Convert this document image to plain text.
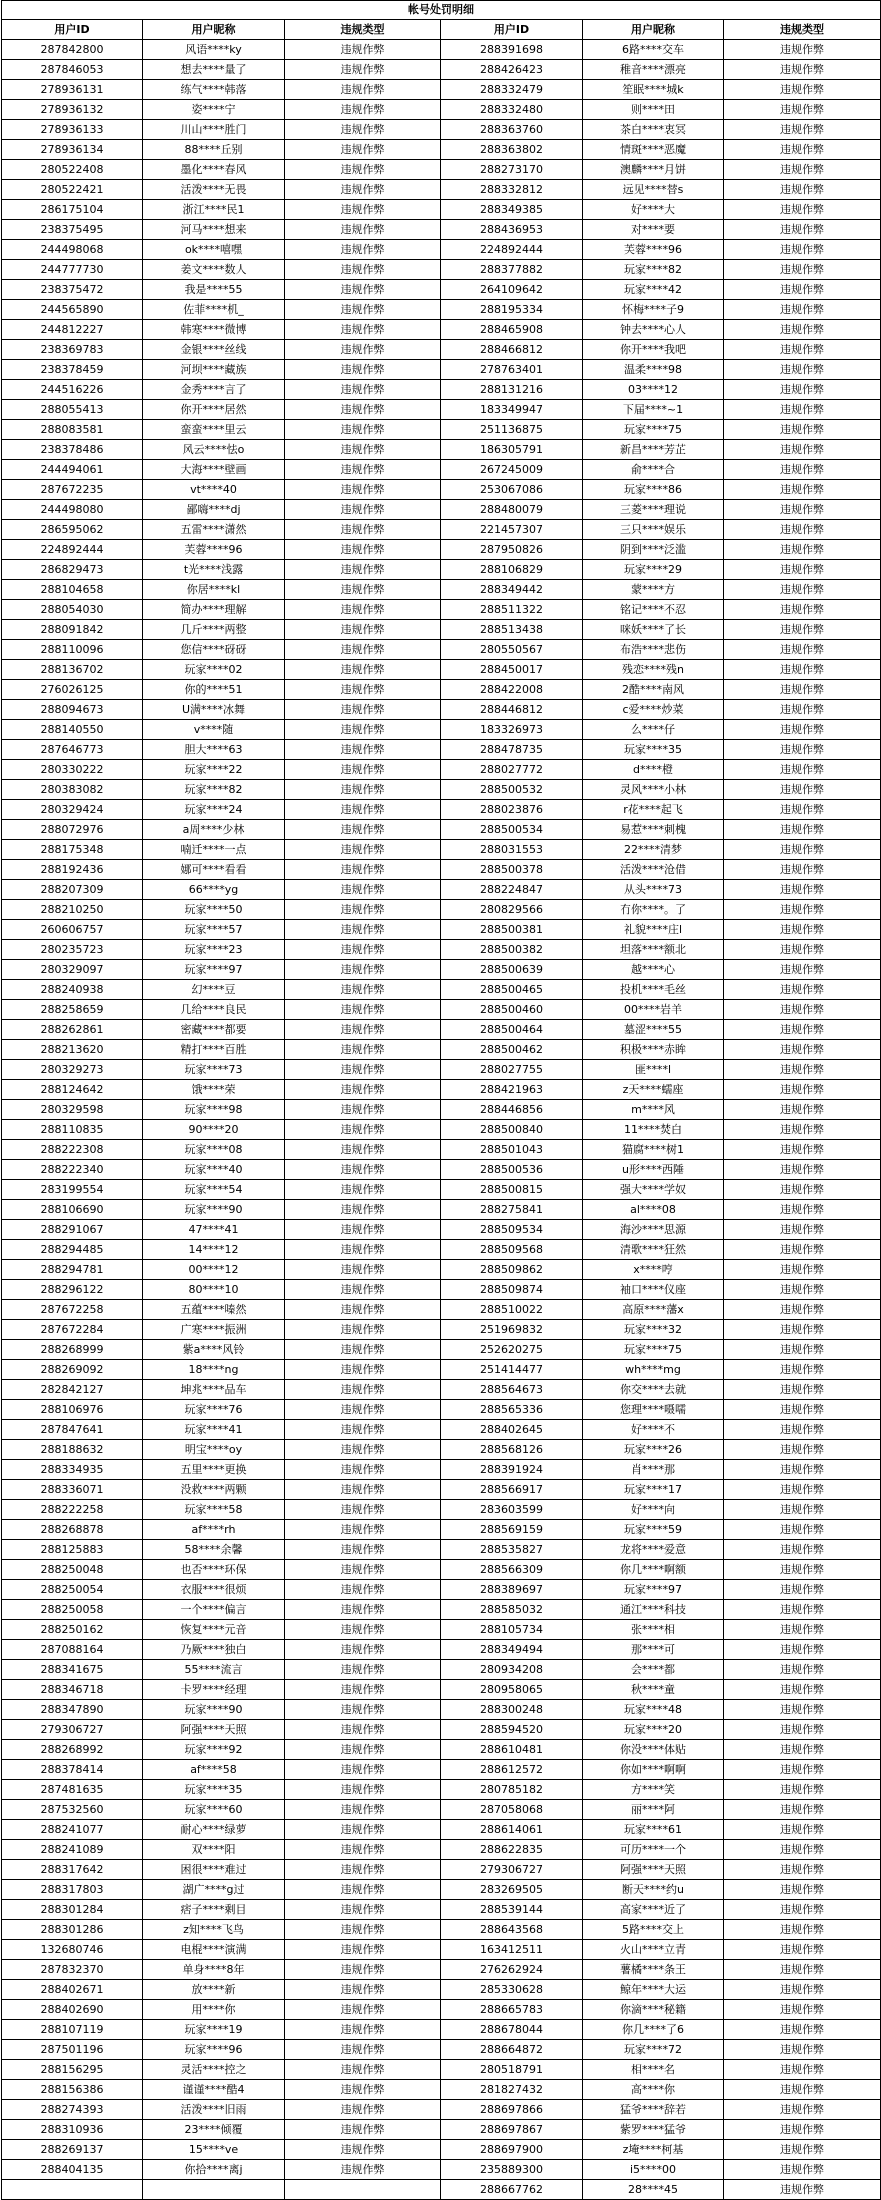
帐号处罚明细					
用户ID	用户昵称	违规类型	用户ID	用户昵称	违规类型
287842800	风语****ky	违规作弊	288391698	6路****交车	违规作弊
287846053	想去****量了	违规作弊	288426423	稚音****漂亮	违规作弊
278936131	练气****韩落	违规作弊	288332479	笙眠****城k	违规作弊
278936132	姿****宁	违规作弊	288332480	则****田	违规作弊
278936133	川山****胜门	违规作弊	288363760	茶白****衷冥	违规作弊
278936134	88****丘别	违规作弊	288363802	情斑****恶魔	违规作弊
280522408	墨化****春风	违规作弊	288273170	澳麟****月饼	违规作弊
280522421	活泼****无畏	违规作弊	288332812	远见****替s	违规作弊
286175104	浙江****民1	违规作弊	288349385	好****大	违规作弊
238375495	河马****想来	违规作弊	288436953	对****要	违规作弊
244498068	ok****嘻嘿	违规作弊	224892444	芙蓉****96	违规作弊
244777730	姜文****数人	违规作弊	288377882	玩家****82	违规作弊
238375472	我是****55	违规作弊	264109642	玩家****42	违规作弊
244565890	佐菲****机_	违规作弊	288195334	怀梅****子9	违规作弊
244812227	韩寒****微博	违规作弊	288465908	钟去****心人	违规作弊
238369783	金银****丝线	违规作弊	288466812	你开****我吧	违规作弊
238378459	河坝****藏族	违规作弊	278763401	温柔****98	违规作弊
244516226	金秀****言了	违规作弊	288131216	03****12	违规作弊
288055413	你开****居然	违规作弊	183349947	下届****~1	违规作弊
288083581	蛮蛮****里云	违规作弊	251136875	玩家****75	违规作弊
238378486	风云****怯o	违规作弊	186305791	新昌****芳芷	违规作弊
244494061	大海****壁画	违规作弊	267245009	俞****合	违规作弊
287672235	vt****40	违规作弊	253067086	玩家****86	违规作弊
244498080	鄙嗨****dj	违规作弊	288480079	三菱****理说	违规作弊
286595062	五雷****潇然	违规作弊	221457307	三只****娱乐	违规作弊
224892444	芙蓉****96	违规作弊	287950826	阴到****泛滥	违规作弊
286829473	t光****浅露	违规作弊	288106829	玩家****29	违规作弊
288104658	你居****kl	违规作弊	288349442	蒙****方	违规作弊
288054030	简办****理解	违规作弊	288511322	铭记****不忍	违规作弊
288091842	几斤****两整	违规作弊	288513438	咪妖****了长	违规作弊
288110096	您信****砑砑	违规作弊	280550567	布浩****悲伤	违规作弊
288136702	玩家****02	违规作弊	288450017	残恋****残n	违规作弊
276026125	你的****51	违规作弊	288422008	2酷****南风	违规作弊
288094673	U满****冰舞	违规作弊	288446812	c爱****炒菜	违规作弊
288140550	v****随	违规作弊	183326973	么****仔	违规作弊
287646773	胆大****63	违规作弊	288478735	玩家****35	违规作弊
280330222	玩家****22	违规作弊	288027772	d****橙	违规作弊
280383082	玩家****82	违规作弊	288500532	灵风****小林	违规作弊
280329424	玩家****24	违规作弊	288023876	r花****起飞	违规作弊
288072976	a周****少林	违规作弊	288500534	易惹****刺槐	违规作弊
288175348	喃迁****一点	违规作弊	288031553	22****清梦	违规作弊
288192436	娜可****看看	违规作弊	288500378	活泼****沧借	违规作弊
288207309	66****yg	违规作弊	288224847	从头****73	违规作弊
288210250	玩家****50	违规作弊	280829566	冇你****。了	违规作弊
260606757	玩家****57	违规作弊	288500381	礼貌****庄l	违规作弊
280235723	玩家****23	违规作弊	288500382	坦落****额北	违规作弊
280329097	玩家****97	违规作弊	288500639	越****心	违规作弊
288240938	幻****豆	违规作弊	288500465	投机****毛丝	违规作弊
288258659	几给****良民	违规作弊	288500460	00****岩羊	违规作弊
288262861	密藏****都要	违规作弊	288500464	墓涩****55	违规作弊
288213620	精打****百胜	违规作弊	288500462	积极****赤眸	违规作弊
280329273	玩家****73	违规作弊	288027755	匪****l	违规作弊
288124642	饿****荣	违规作弊	288421963	z天****蠕座	违规作弊
280329598	玩家****98	违规作弊	288446856	m****风	违规作弊
288110835	90****20	违规作弊	288500840	11****焚白	违规作弊
288222308	玩家****08	违规作弊	288501043	猫腐****树1	违规作弊
288222340	玩家****40	违规作弊	288500536	u形****西陲	违规作弊
283199554	玩家****54	违规作弊	288500815	强大****学奴	违规作弊
288106690	玩家****90	违规作弊	288275841	al****08	违规作弊
288291067	47****41	违规作弊	288509534	海沙****思源	违规作弊
288294485	14****12	违规作弊	288509568	清歌****狂然	违规作弊
288294781	00****12	违规作弊	288509862	x****哼	违规作弊
288296122	80****10	违规作弊	288509874	袖口****仪座	违规作弊
287672258	五蕴****嗪然	违规作弊	288510022	高原****藩x	违规作弊
287672284	广寒****振洲	违规作弊	251969832	玩家****32	违规作弊
288268999	紫a****风铃	违规作弊	252620275	玩家****75	违规作弊
288269092	18****ng	违规作弊	251414477	wh****mg	违规作弊
282842127	坤兆****品车	违规作弊	288564673	你交****去就	违规作弊
288106976	玩家****76	违规作弊	288565336	您理****嗫嚅	违规作弊
287847641	玩家****41	违规作弊	288402645	好****不	违规作弊
288188632	明宝****oy	违规作弊	288568126	玩家****26	违规作弊
288334935	五里****更换	违规作弊	288391924	肖****那	违规作弊
288336071	没救****两颗	违规作弊	288566917	玩家****17	违规作弊
288222258	玩家****58	违规作弊	283603599	好****向	违规作弊
288268878	af****rh	违规作弊	288569159	玩家****59	违规作弊
288125883	58****余馨	违规作弊	288535827	龙将****爱意	违规作弊
288250048	也否****环保	违规作弊	288566309	你几****啊额	违规作弊
288250054	衣服****很烦	违规作弊	288389697	玩家****97	违规作弊
288250058	一个****偏言	违规作弊	288585032	通江****科技	违规作弊
288250162	恢复****元音	违规作弊	288105734	张****相	违规作弊
287088164	乃厥****独白	违规作弊	288349494	那****可	违规作弊
288341675	55****流言	违规作弊	280934208	会****都	违规作弊
288346718	卡罗****经理	违规作弊	280958065	秋****童	违规作弊
288347890	玩家****90	违规作弊	288300248	玩家****48	违规作弊
279306727	阿强****天照	违规作弊	288594520	玩家****20	违规作弊
288268992	玩家****92	违规作弊	288610481	你没****体贴	违规作弊
288378414	af****58	违规作弊	288612572	你如****啊啊	违规作弊
287481635	玩家****35	违规作弊	280785182	方****笑	违规作弊
287532560	玩家****60	违规作弊	287058068	丽****阿	违规作弊
288241077	耐心****绿萝	违规作弊	288614061	玩家****61	违规作弊
288241089	双****阳	违规作弊	288622835	可历****一个	违规作弊
288317642	困很****难过	违规作弊	279306727	阿强****天照	违规作弊
288317803	湖广****g过	违规作弊	283269505	断天****约u	违规作弊
288301284	痞子****剩目	违规作弊	288539144	高家****近了	违规作弊
288301286	z知****飞鸟	违规作弊	288643568	5路****交上	违规作弊
132680746	电棍****演满	违规作弊	163412511	火山****立青	违规作弊
287832370	单身****8年	违规作弊	276262924	薯橘****条王	违规作弊
288402671	放****新	违规作弊	285330628	鲸年****大运	违规作弊
288402690	用****你	违规作弊	288665783	你滴****秘籍	违规作弊
288107119	玩家****19	违规作弊	288678044	你几****了6	违规作弊
287501196	玩家****96	违规作弊	288664872	玩家****72	违规作弊
288156295	灵活****控之	违规作弊	280518791	相****名	违规作弊
288156386	谨谨****酷4	违规作弊	281827432	高****你	违规作弊
288274393	活泼****旧雨	违规作弊	288697866	猛爷****辞若	违规作弊
288310936	23****倾覆	违规作弊	288697867	紫罗****猛爷	违规作弊
288269137	15****ve	违规作弊	288697900	z埯****柯基	违规作弊
288404135	你拾****离j	违规作弊	235889300	i5****00	违规作弊
			288667762	28****45	违规作弊
